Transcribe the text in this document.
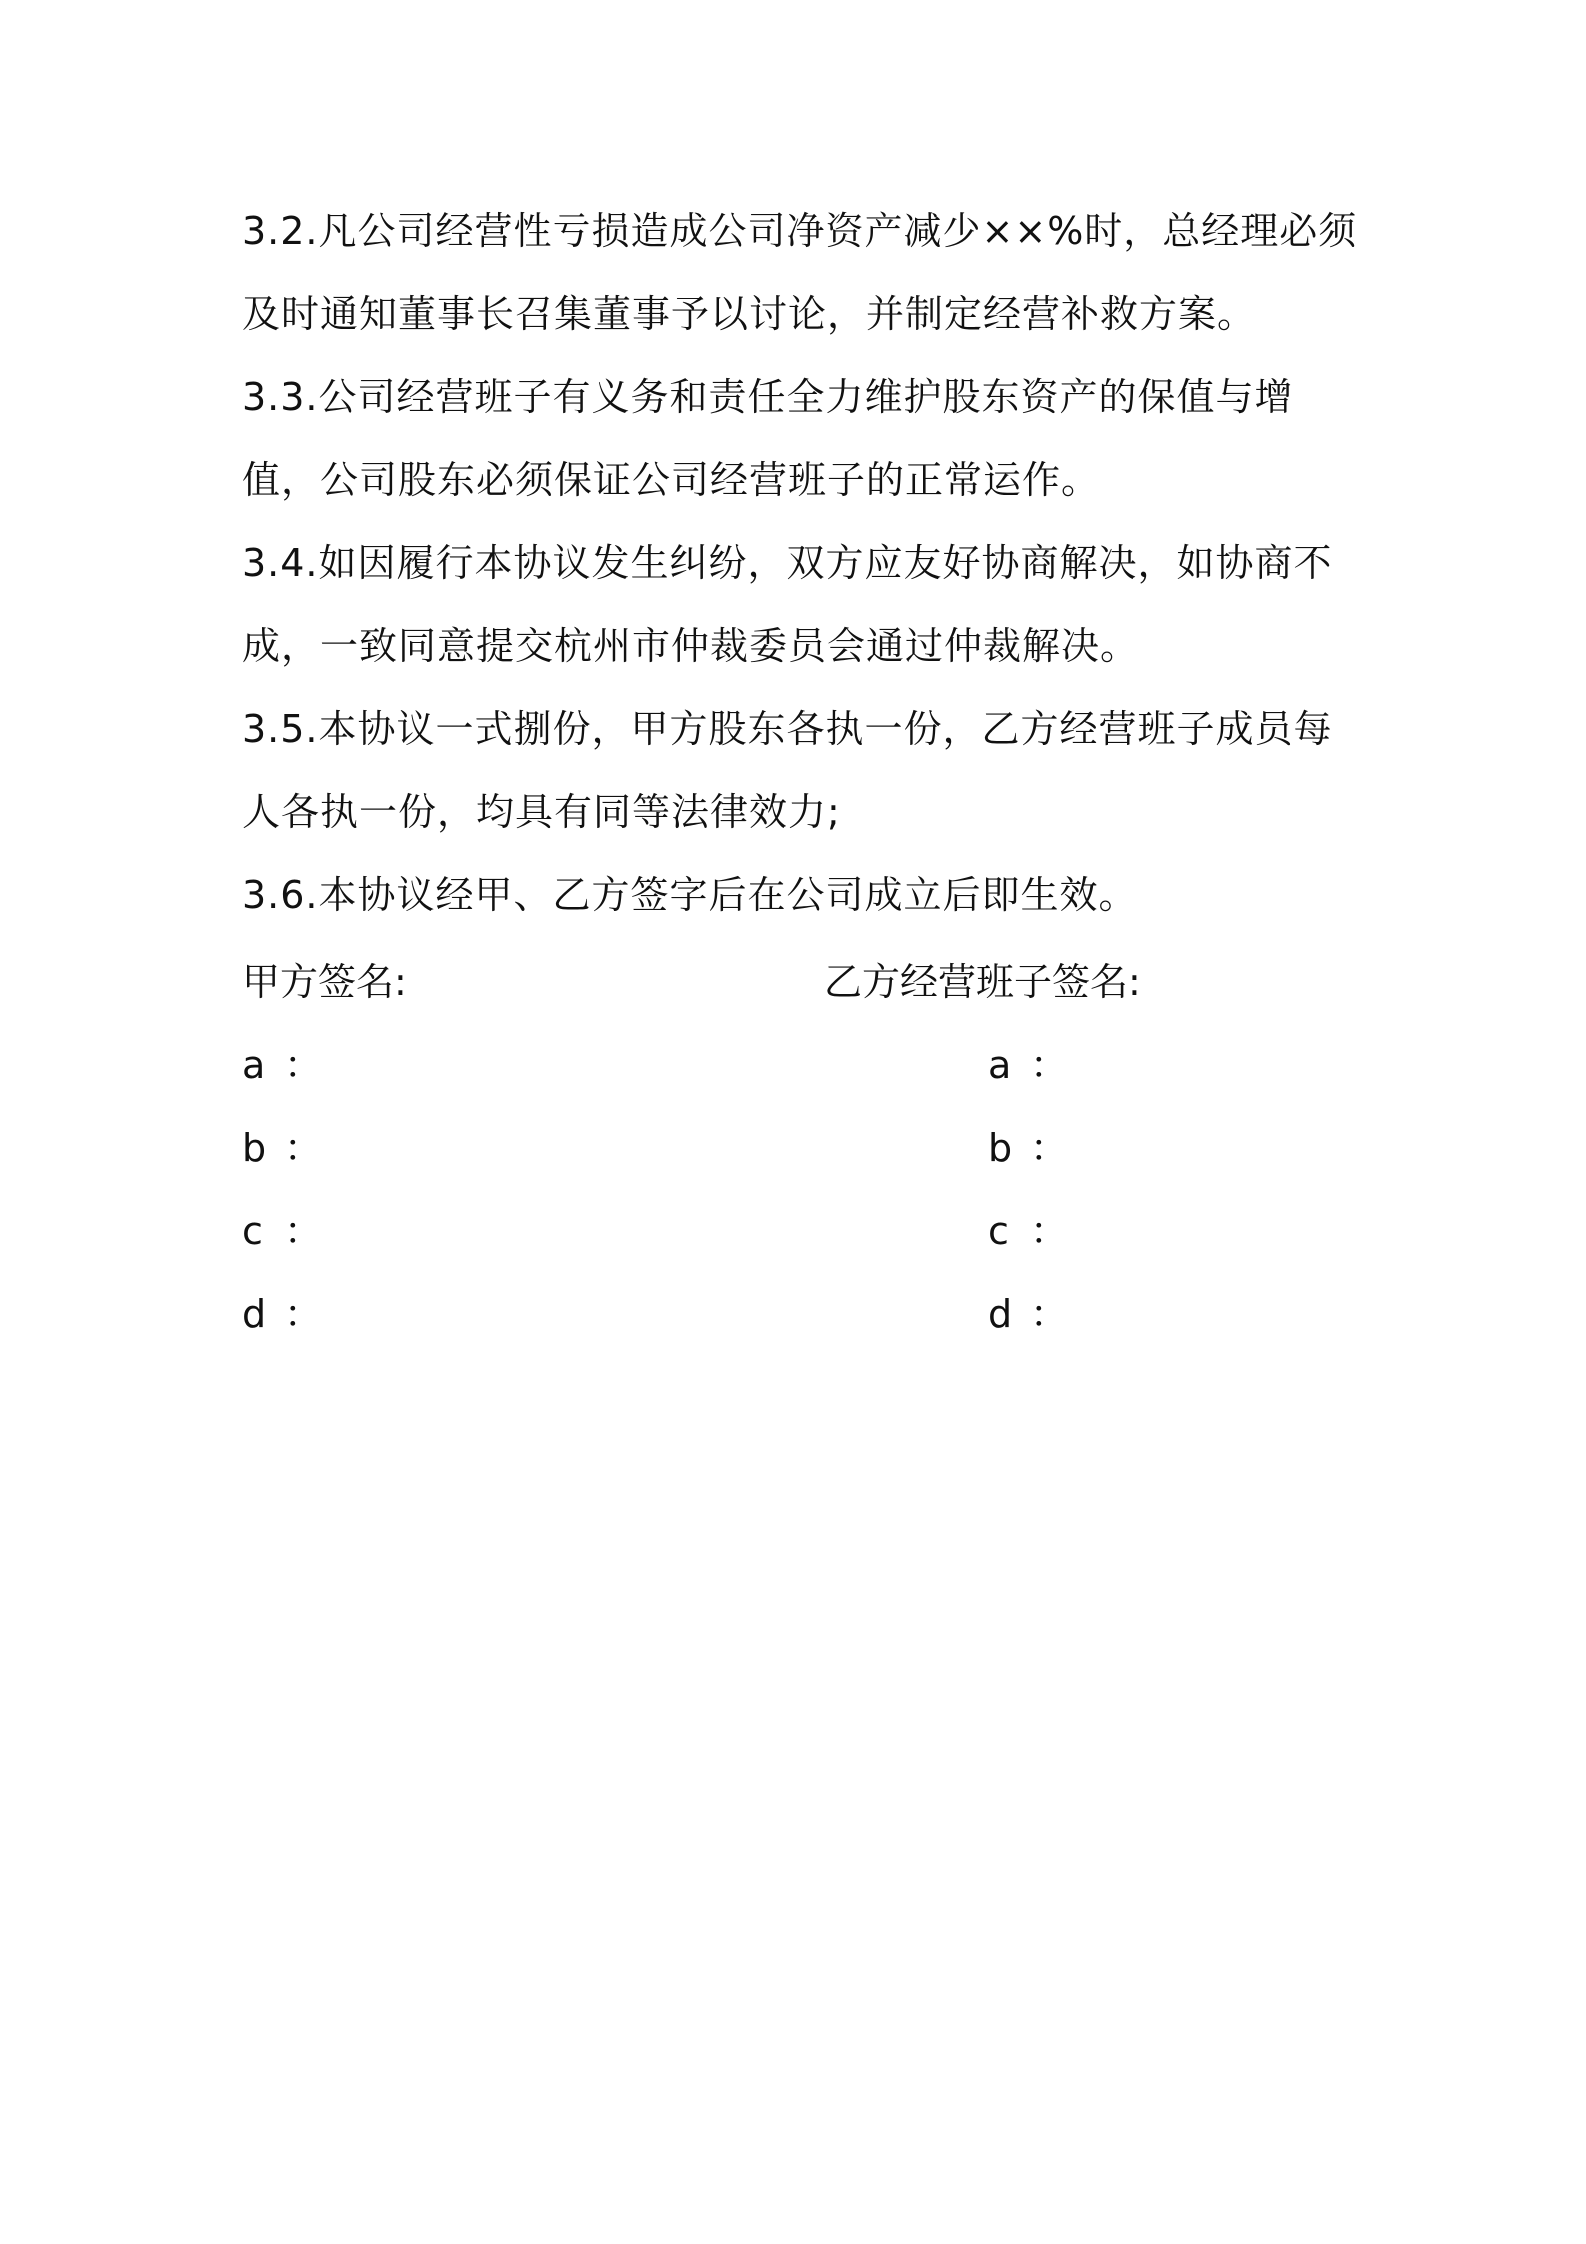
3.2.凡公司经营性亏损造成公司净资产减少××%时，总经理必须及时通知董事长召集董事予以讨论，并制定经营补救方案。

3.3.公司经营班子有义务和责任全力维护股东资产的保值与增值，公司股东必须保证公司经营班子的正常运作。

3.4.如因履行本协议发生纠纷，双方应友好协商解决，如协商不成，一致同意提交杭州市仲裁委员会通过仲裁解决。

3.5.本协议一式捌份，甲方股东各执一份，乙方经营班子成员每人各执一份，均具有同等法律效力;

3.6.本协议经甲、乙方签字后在公司成立后即生效。

甲方签名:	乙方经营班子签名:

a ：

b ：

c ：

d ：

a ：

b ：

c ：

d ：
